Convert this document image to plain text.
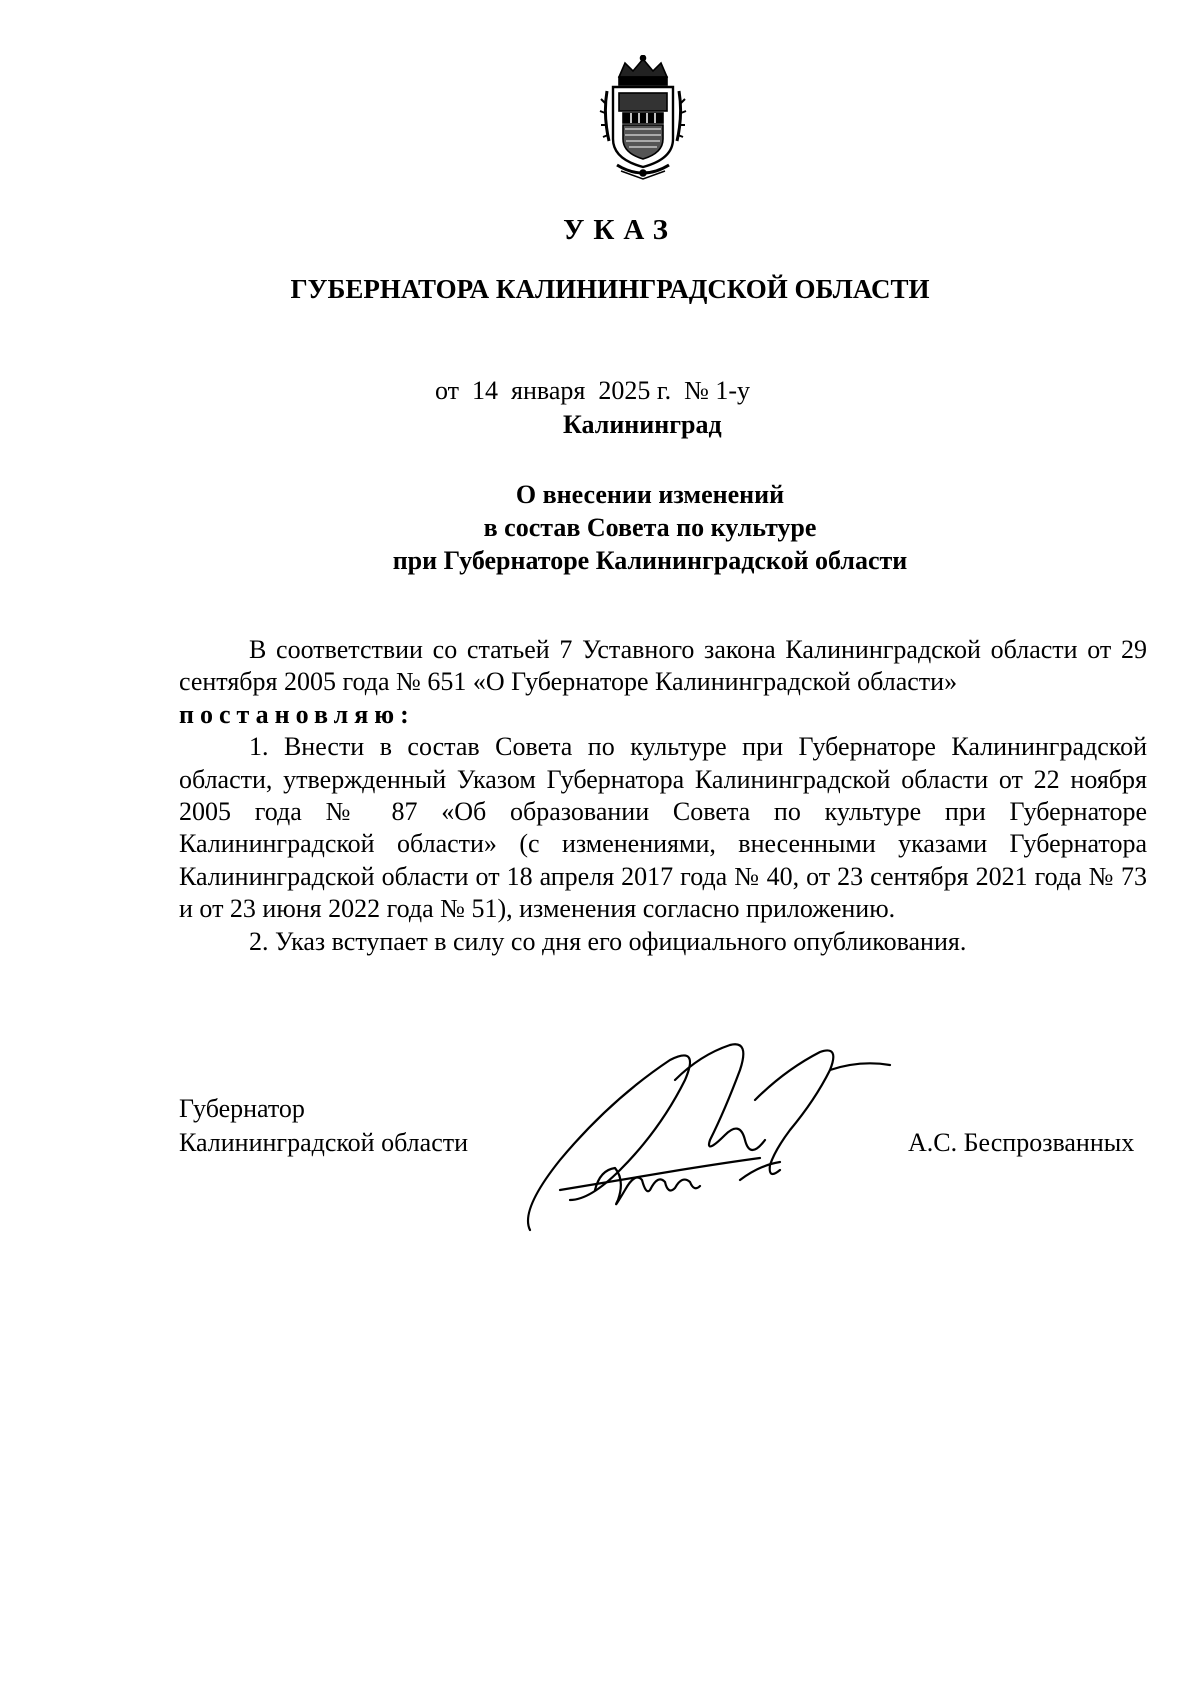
УКАЗ
ГУБЕРНАТОРА КАЛИНИНГРАДСКОЙ ОБЛАСТИ
от 14 января 2025 г. № 1-у
Калининград
О внесении изменений
в состав Совета по культуре
при Губернаторе Калининградской области

В соответствии со статьей 7 Уставного закона Калининградской области от 29 сентября 2005 года № 651 «О Губернаторе Калининградской области»

постановляю:

1. Внести в состав Совета по культуре при Губернаторе Калининградской области, утвержденный Указом Губернатора Калининградской области от 22 ноября 2005 года № 87 «Об образовании Совета по культуре при Губернаторе Калининградской области» (с изменениями, внесенными указами Губернатора Калининградской области от 18 апреля 2017 года № 40, от 23 сентября 2021 года № 73 и от 23 июня 2022 года № 51), изменения согласно приложению.

2. Указ вступает в силу со дня его официального опубликования.

Губернатор
Калининградской области	А.С. Беспрозванных
